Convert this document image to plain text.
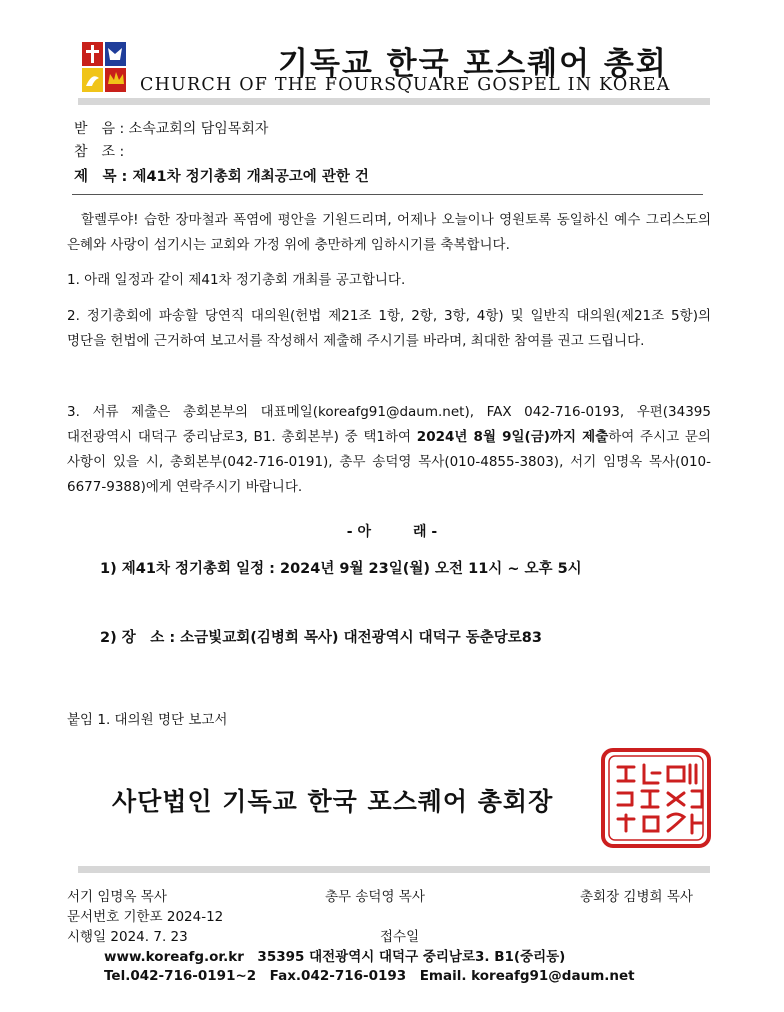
기독교 한국 포스퀘어 총회
CHURCH OF THE FOURSQUARE GOSPEL IN KOREA
받　음 : 소속교회의 담임목회자
참　조 :
제　목 : 제41차 정기총회 개최공고에 관한 건
할렐루야! 습한 장마철과 폭염에 평안을 기원드리며, 어제나 오늘이나 영원토록 동일하신 예수 그리스도의 은혜와 사랑이 섬기시는 교회와 가정 위에 충만하게 임하시기를 축복합니다.
1. 아래 일정과 같이 제41차 정기총회 개최를 공고합니다.
2. 정기총회에 파송할 당연직 대의원(헌법 제21조 1항, 2항, 3항, 4항) 및 일반직 대의원(제21조 5항)의 명단을 헌법에 근거하여 보고서를 작성해서 제출해 주시기를 바라며, 최대한 참여를 권고 드립니다.
3. 서류 제출은 총회본부의 대표메일(koreafg91@daum.net), FAX 042-716-0193, 우편(34395 대전광역시 대덕구 중리남로3, B1. 총회본부) 중 택1하여 2024년 8월 9일(금)까지 제출하여 주시고 문의 사항이 있을 시, 총회본부(042-716-0191), 총무 송덕영 목사(010-4855-3803), 서기 임명옥 목사(010-6677-9388)에게 연락주시기 바랍니다.
- 아　　　래 -
1) 제41차 정기총회 일정 : 2024년 9월 23일(월) 오전 11시 ~ 오후 5시
2) 장　소 : 소금빛교회(김병희 목사) 대전광역시 대덕구 동춘당로83
붙임 1. 대의원 명단 보고서
사단법인 기독교 한국 포스퀘어 총회장
서기 임명옥 목사	총무 송덕영 목사	총회장 김병희 목사
문서번호 기한포 2024-12
시행일 2024. 7. 23	접수일
www.koreafg.or.kr　35395 대전광역시 대덕구 중리남로3. B1(중리동)
Tel.042-716-0191~2　Fax.042-716-0193　Email. koreafg91@daum.net
